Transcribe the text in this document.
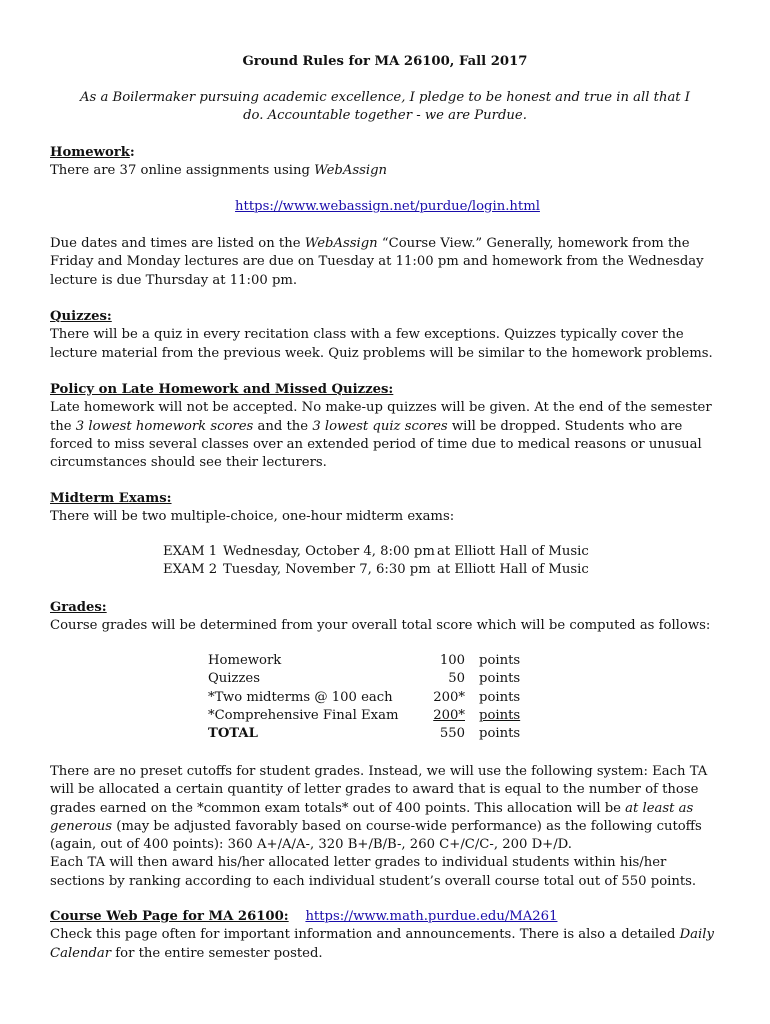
Ground Rules for MA 26100, Fall 2017
As a Boilermaker pursuing academic excellence, I pledge to be honest and true in all that I do. Accountable together - we are Purdue.

Homework:

There are 37 online assignments using WebAssign

https://www.webassign.net/purdue/login.html

Due dates and times are listed on the WebAssign “Course View.” Generally, homework from the Friday and Monday lectures are due on Tuesday at 11:00 pm and homework from the Wednesday lecture is due Thursday at 11:00 pm.

Quizzes:

There will be a quiz in every recitation class with a few exceptions. Quizzes typically cover the lecture material from the previous week. Quiz problems will be similar to the homework problems.

Policy on Late Homework and Missed Quizzes:

Late homework will not be accepted. No make-up quizzes will be given. At the end of the semester the 3 lowest homework scores and the 3 lowest quiz scores will be dropped. Students who are forced to miss several classes over an extended period of time due to medical reasons or unusual circumstances should see their lecturers.

Midterm Exams:

There will be two multiple-choice, one-hour midterm exams:

EXAM 1	Wednesday, October 4, 8:00 pm	at Elliott Hall of Music
EXAM 2	Tuesday, November 7, 6:30 pm	at Elliott Hall of Music

Grades:

Course grades will be determined from your overall total score which will be computed as follows:

Homework	100	points
Quizzes	50	points
*Two midterms @ 100 each	200*	points
*Comprehensive Final Exam	200*	points
TOTAL	550	points

There are no preset cutoffs for student grades. Instead, we will use the following system: Each TA will be allocated a certain quantity of letter grades to award that is equal to the number of those grades earned on the *common exam totals* out of 400 points. This allocation will be at least as generous (may be adjusted favorably based on course-wide performance) as the following cutoffs (again, out of 400 points): 360 A+/A/A-, 320 B+/B/B-, 260 C+/C/C-, 200 D+/D.

Each TA will then award his/her allocated letter grades to individual students within his/her sections by ranking according to each individual student’s overall course total out of 550 points.

Course Web Page for MA 26100: https://www.math.purdue.edu/MA261

Check this page often for important information and announcements. There is also a detailed Daily Calendar for the entire semester posted.
